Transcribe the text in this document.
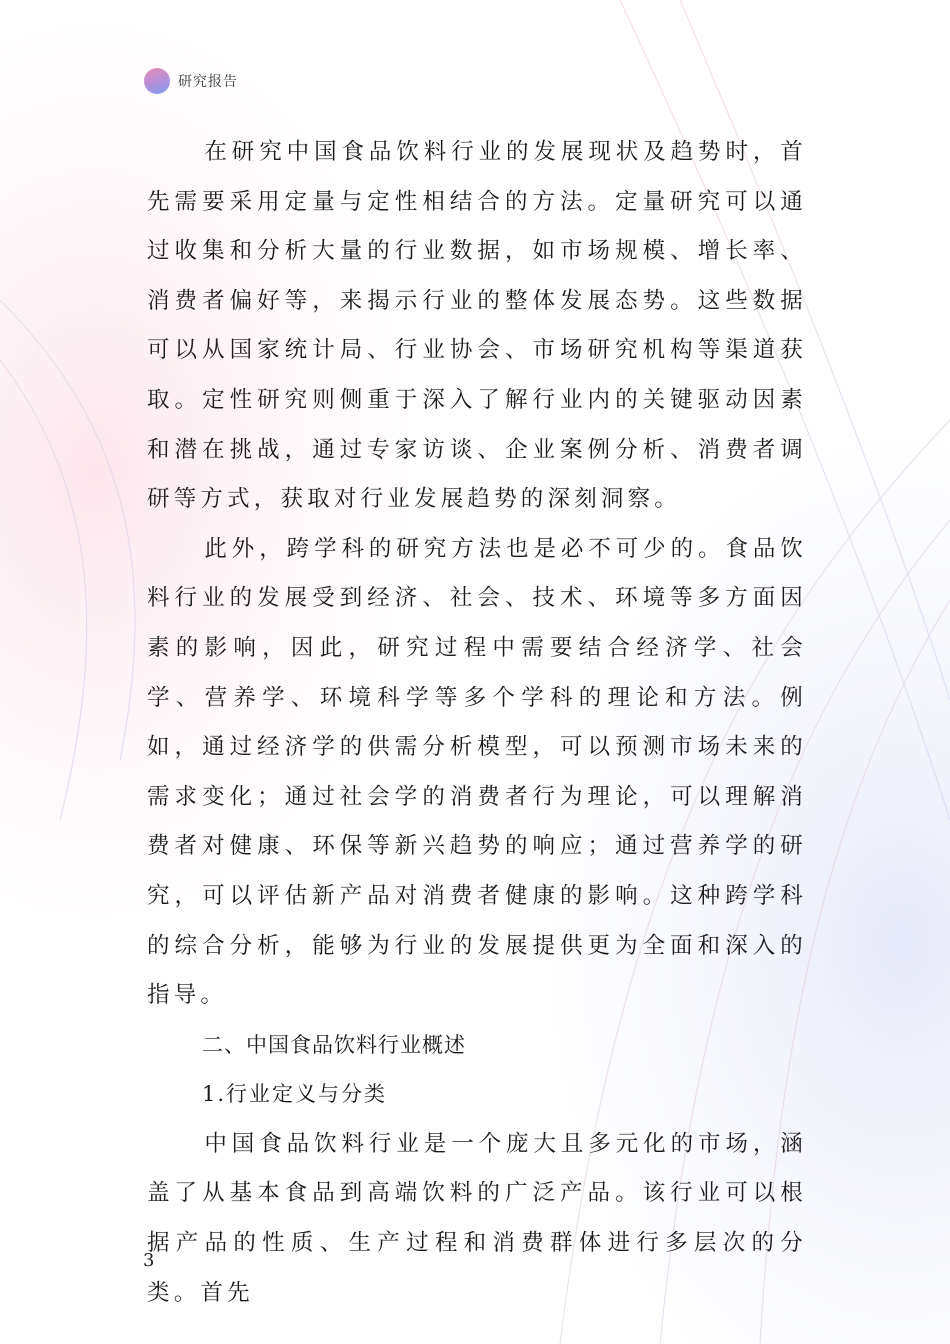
研究报告

在研究中国食品饮料行业的发展现状及趋势时，首先需要采用定量与定性相结合的方法。定量研究可以通过收集和分析大量的行业数据，如市场规模、增长率、消费者偏好等，来揭示行业的整体发展态势。这些数据可以从国家统计局、行业协会、市场研究机构等渠道获取。定性研究则侧重于深入了解行业内的关键驱动因素和潜在挑战，通过专家访谈、企业案例分析、消费者调研等方式，获取对行业发展趋势的深刻洞察。

此外，跨学科的研究方法也是必不可少的。食品饮料行业的发展受到经济、社会、技术、环境等多方面因素的影响，因此，研究过程中需要结合经济学、社会学、营养学、环境科学等多个学科的理论和方法。例如，通过经济学的供需分析模型，可以预测市场未来的需求变化；通过社会学的消费者行为理论，可以理解消费者对健康、环保等新兴趋势的响应；通过营养学的研究，可以评估新产品对消费者健康的影响。这种跨学科的综合分析，能够为行业的发展提供更为全面和深入的指导。

二、中国食品饮料行业概述

1.行业定义与分类

中国食品饮料行业是一个庞大且多元化的市场，涵盖了从基本食品到高端饮料的广泛产品。该行业可以根据产品的性质、生产过程和消费群体进行多层次的分类。首先

3
